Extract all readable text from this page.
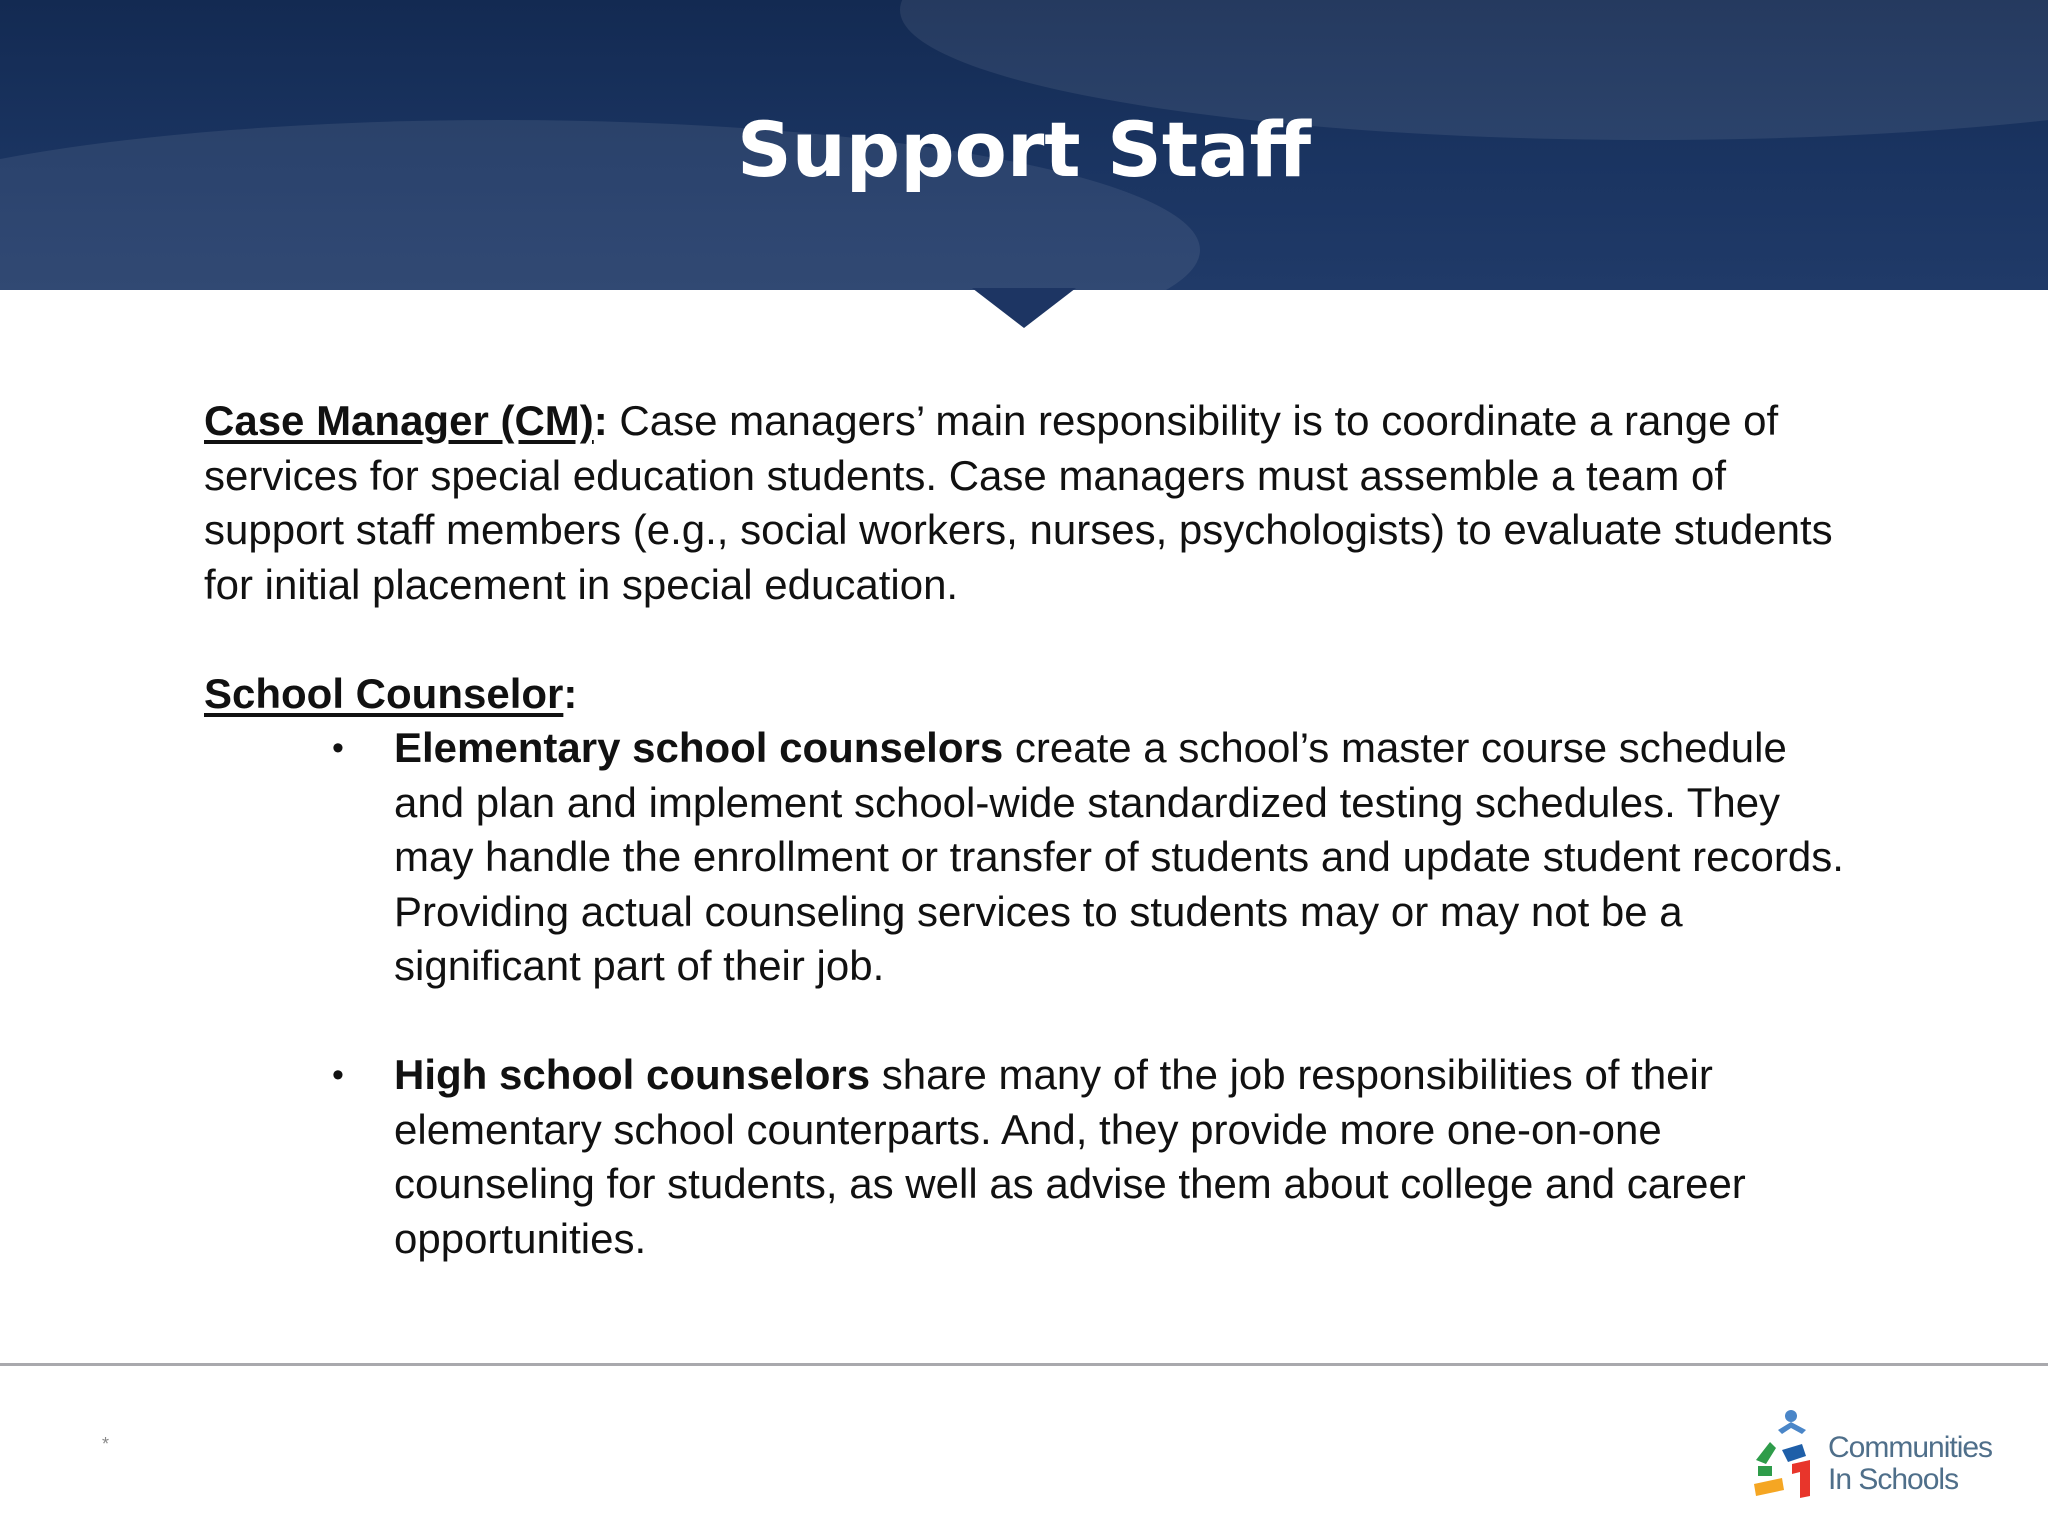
Support Staff

Case Manager (CM): Case managers’ main responsibility is to coordinate a range of services for special education students. Case managers must assemble a team of support staff members (e.g., social workers, nurses, psychologists) to evaluate students for initial placement in special education.

School Counselor:

• Elementary school counselors create a school’s master course schedule and plan and implement school-wide standardized testing schedules. They may handle the enrollment or transfer of students and update student records. Providing actual counseling services to students may or may not be a significant part of their job.
• High school counselors share many of the job responsibilities of their elementary school counterparts. And, they provide more one-on-one counseling for students, as well as advise them about college and career opportunities.
*	Communities
In Schools
